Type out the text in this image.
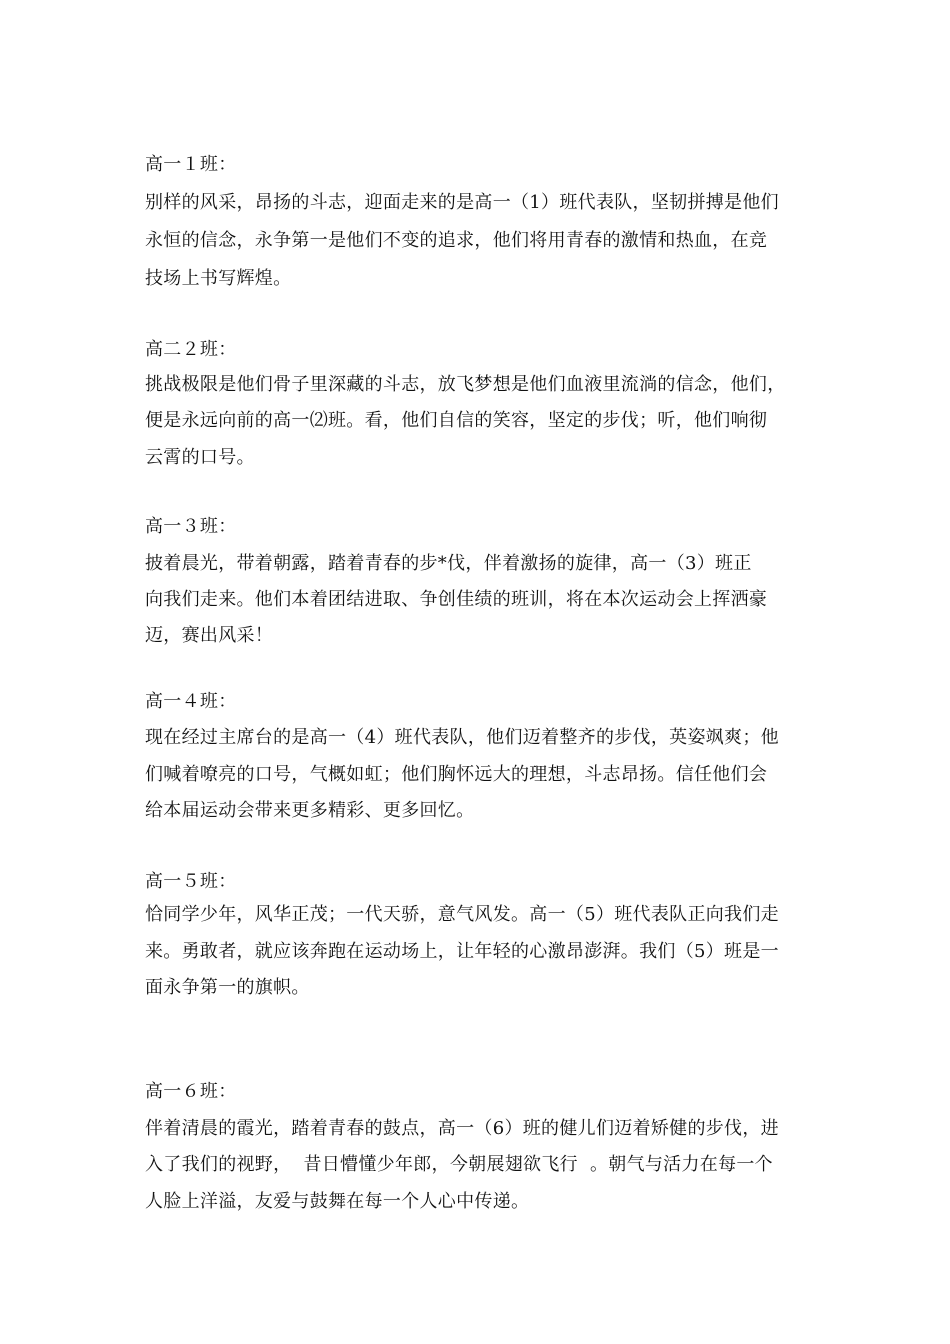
高一１班：
别样的风采，昂扬的斗志，迎面走来的是高一（1）班代表队，坚韧拼搏是他们
永恒的信念，永争第一是他们不变的追求，他们将用青春的激情和热血，在竞
技场上书写辉煌。
高二２班：
挑战极限是他们骨子里深藏的斗志，放飞梦想是他们血液里流淌的信念，他们，
便是永远向前的高一⑵班。看，他们自信的笑容，坚定的步伐；听，他们响彻
云霄的口号。
高一３班：
披着晨光，带着朝露，踏着青春的步*伐，伴着激扬的旋律，高一（3）班正
向我们走来。他们本着团结进取、争创佳绩的班训，将在本次运动会上挥洒豪
迈，赛出风采！
高一４班：
现在经过主席台的是高一（4）班代表队，他们迈着整齐的步伐，英姿飒爽；他
们喊着嘹亮的口号，气概如虹；他们胸怀远大的理想，斗志昂扬。信任他们会
给本届运动会带来更多精彩、更多回忆。
高一５班：
恰同学少年，风华正茂；一代天骄，意气风发。高一（5）班代表队正向我们走
来。勇敢者，就应该奔跑在运动场上，让年轻的心激昂澎湃。我们（5）班是一
面永争第一的旗帜。
高一６班：
伴着清晨的霞光，踏着青春的鼓点，高一（6）班的健儿们迈着矫健的步伐，进
入了我们的视野，  昔日懵懂少年郎，今朝展翅欲飞行  。朝气与活力在每一个
人脸上洋溢，友爱与鼓舞在每一个人心中传递。
